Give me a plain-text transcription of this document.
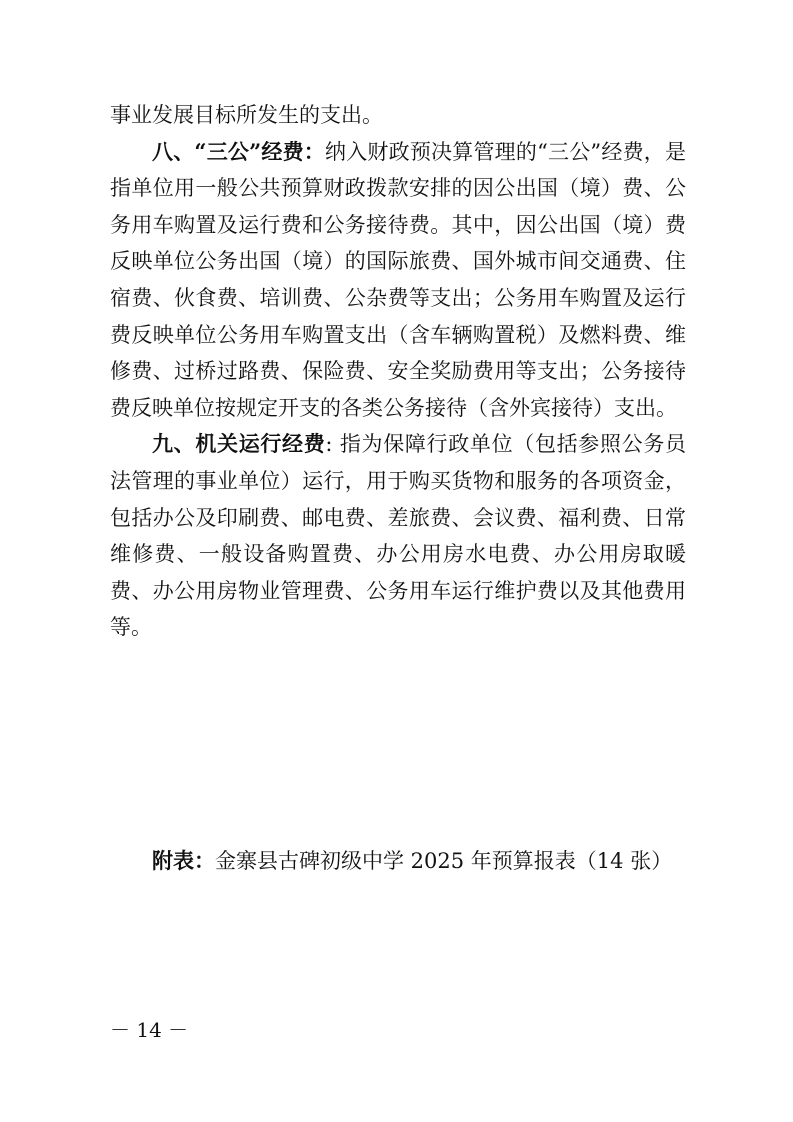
事业发展目标所发生的支出。

八、“三公”经费：纳入财政预决算管理的“三公”经费，是指单位用一般公共预算财政拨款安排的因公出国（境）费、公务用车购置及运行费和公务接待费。其中，因公出国（境）费反映单位公务出国（境）的国际旅费、国外城市间交通费、住宿费、伙食费、培训费、公杂费等支出；公务用车购置及运行费反映单位公务用车购置支出（含车辆购置税）及燃料费、维修费、过桥过路费、保险费、安全奖励费用等支出；公务接待费反映单位按规定开支的各类公务接待（含外宾接待）支出。

九、机关运行经费: 指为保障行政单位（包括参照公务员法管理的事业单位）运行，用于购买货物和服务的各项资金，包括办公及印刷费、邮电费、差旅费、会议费、福利费、日常维修费、一般设备购置费、办公用房水电费、办公用房取暖费、办公用房物业管理费、公务用车运行维护费以及其他费用等。

附表：金寨县古碑初级中学 2025 年预算报表（14 张）
－ 14 －
